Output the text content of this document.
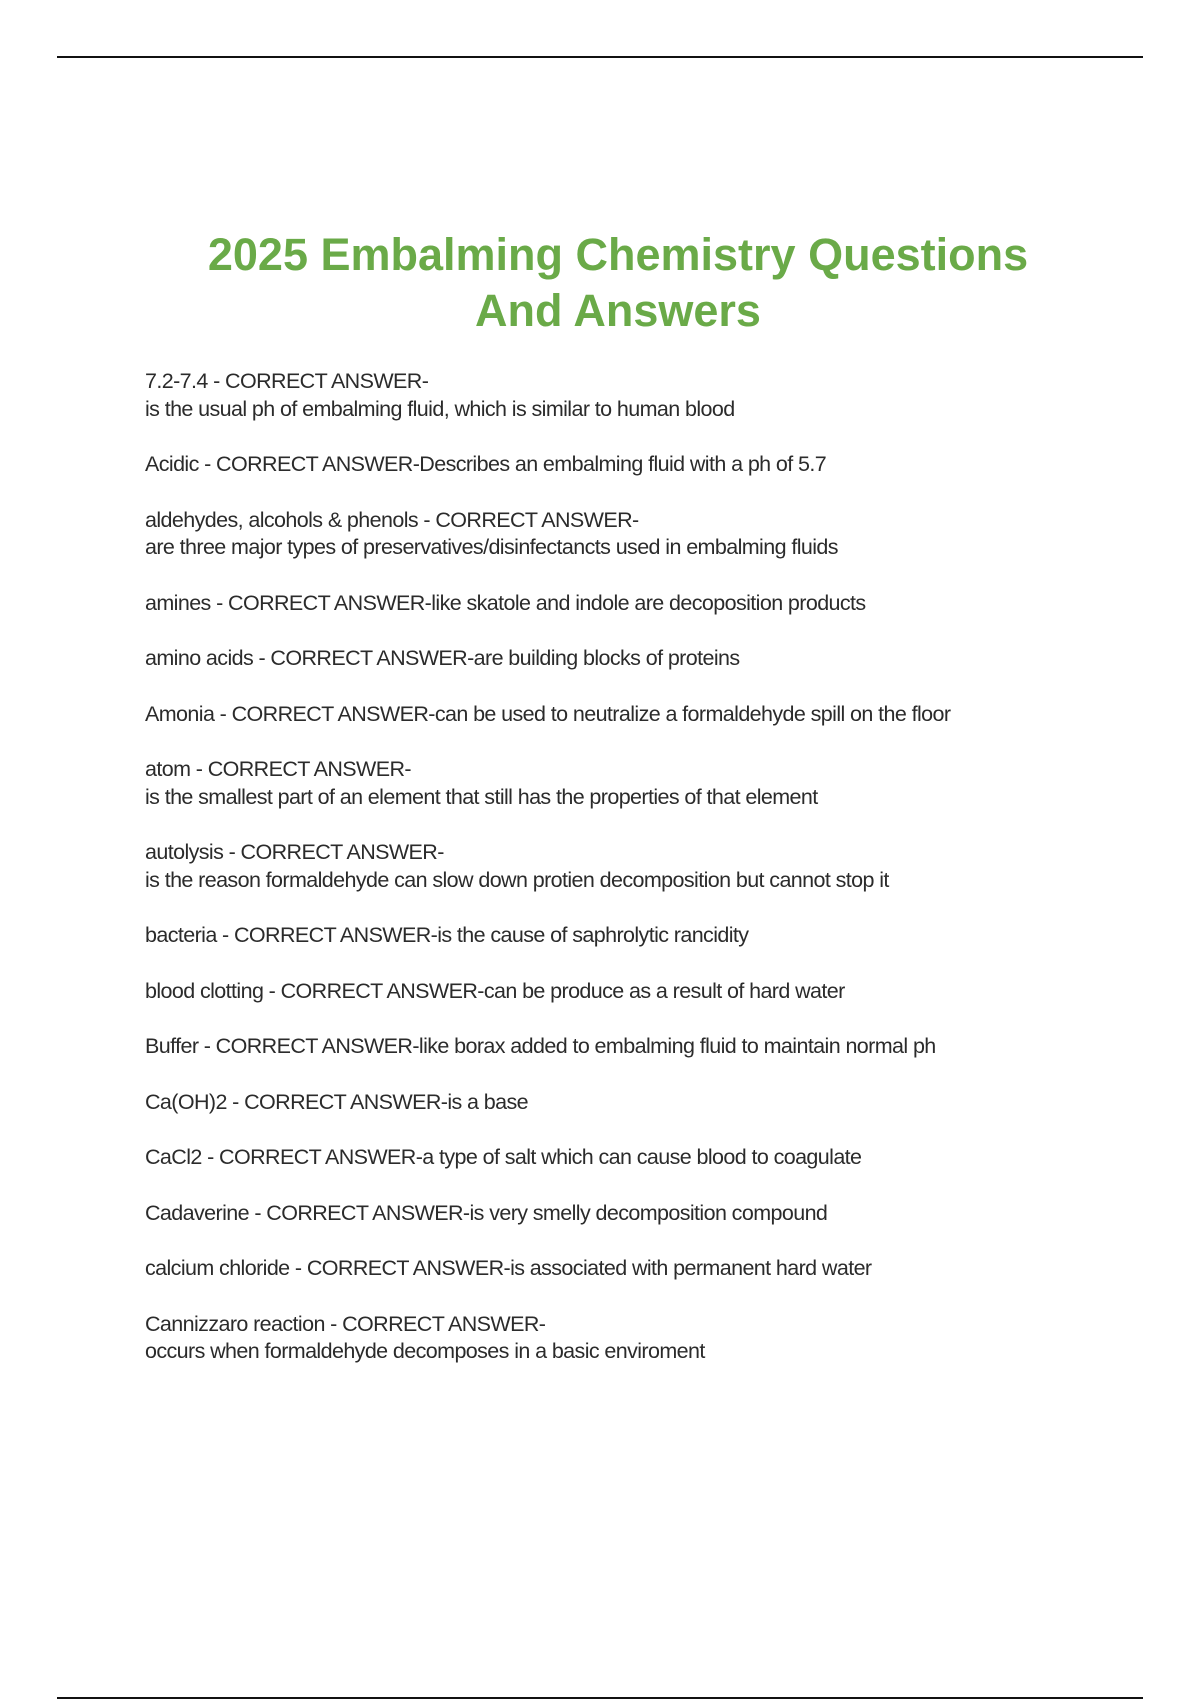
2025 Embalming Chemistry Questions
And Answers
7.2-7.4 - CORRECT ANSWER-
is the usual ph of embalming fluid, which is similar to human blood
Acidic - CORRECT ANSWER-Describes an embalming fluid with a ph of 5.7
aldehydes, alcohols & phenols - CORRECT ANSWER-
are three major types of preservatives/disinfectancts used in embalming fluids
amines - CORRECT ANSWER-like skatole and indole are decoposition products
amino acids - CORRECT ANSWER-are building blocks of proteins
Amonia - CORRECT ANSWER-can be used to neutralize a formaldehyde spill on the floor
atom - CORRECT ANSWER-
is the smallest part of an element that still has the properties of that element
autolysis - CORRECT ANSWER-
is the reason formaldehyde can slow down protien decomposition but cannot stop it
bacteria - CORRECT ANSWER-is the cause of saphrolytic rancidity
blood clotting - CORRECT ANSWER-can be produce as a result of hard water
Buffer - CORRECT ANSWER-like borax added to embalming fluid to maintain normal ph
Ca(OH)2 - CORRECT ANSWER-is a base
CaCl2 - CORRECT ANSWER-a type of salt which can cause blood to coagulate
Cadaverine - CORRECT ANSWER-is very smelly decomposition compound
calcium chloride - CORRECT ANSWER-is associated with permanent hard water
Cannizzaro reaction - CORRECT ANSWER-
occurs when formaldehyde decomposes in a basic enviroment
